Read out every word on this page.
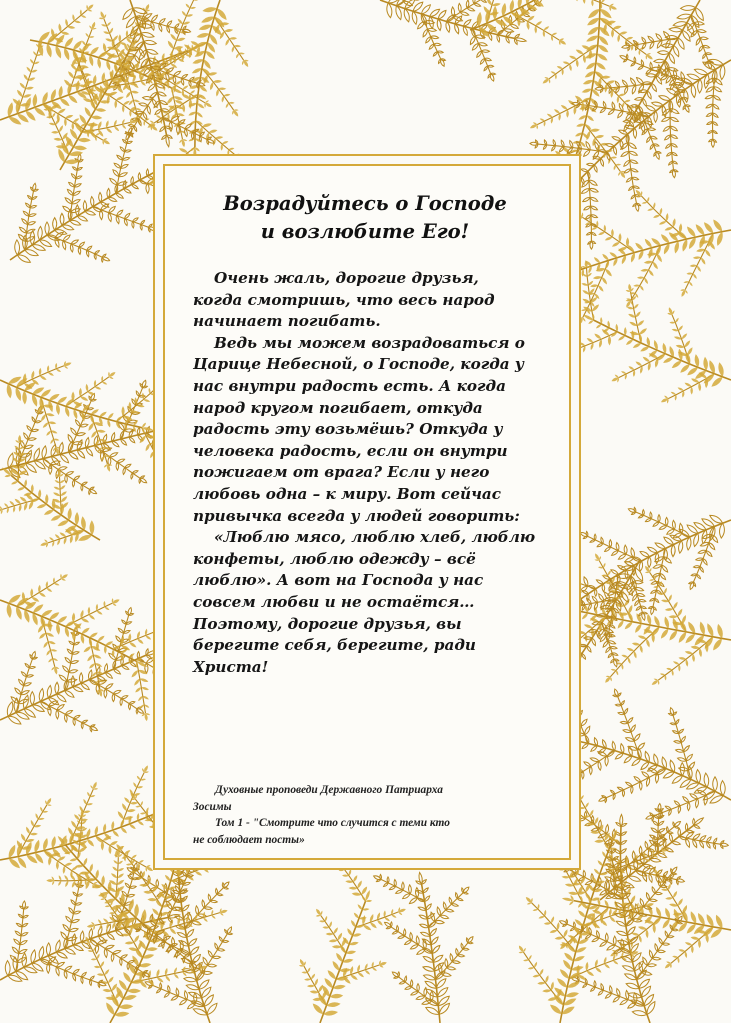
Возрадуйтесь о Господе
и возлюбите Его!
Очень жаль, дорогие друзья,
когда смотришь, что весь народ
начинает погибать.
Ведь мы можем возрадоваться о
Царице Небесной, о Господе, когда у
нас внутри радость есть. А когда
народ кругом погибает, откуда
радость эту возьмёшь? Откуда у
человека радость, если он внутри
пожигаем от врага? Если у него
любовь одна – к миру. Вот сейчас
привычка всегда у людей говорить:
«Люблю мясо, люблю хлеб, люблю
конфеты, люблю одежду – всё
люблю». А вот на Господа у нас
совсем любви и не остаётся…
Поэтому, дорогие друзья, вы
берегите себя, берегите, ради
Христа!
Духовные проповеди Державного Патриарха
Зосимы
Том 1 - "Смотрите что случится с теми кто
не соблюдает посты»
